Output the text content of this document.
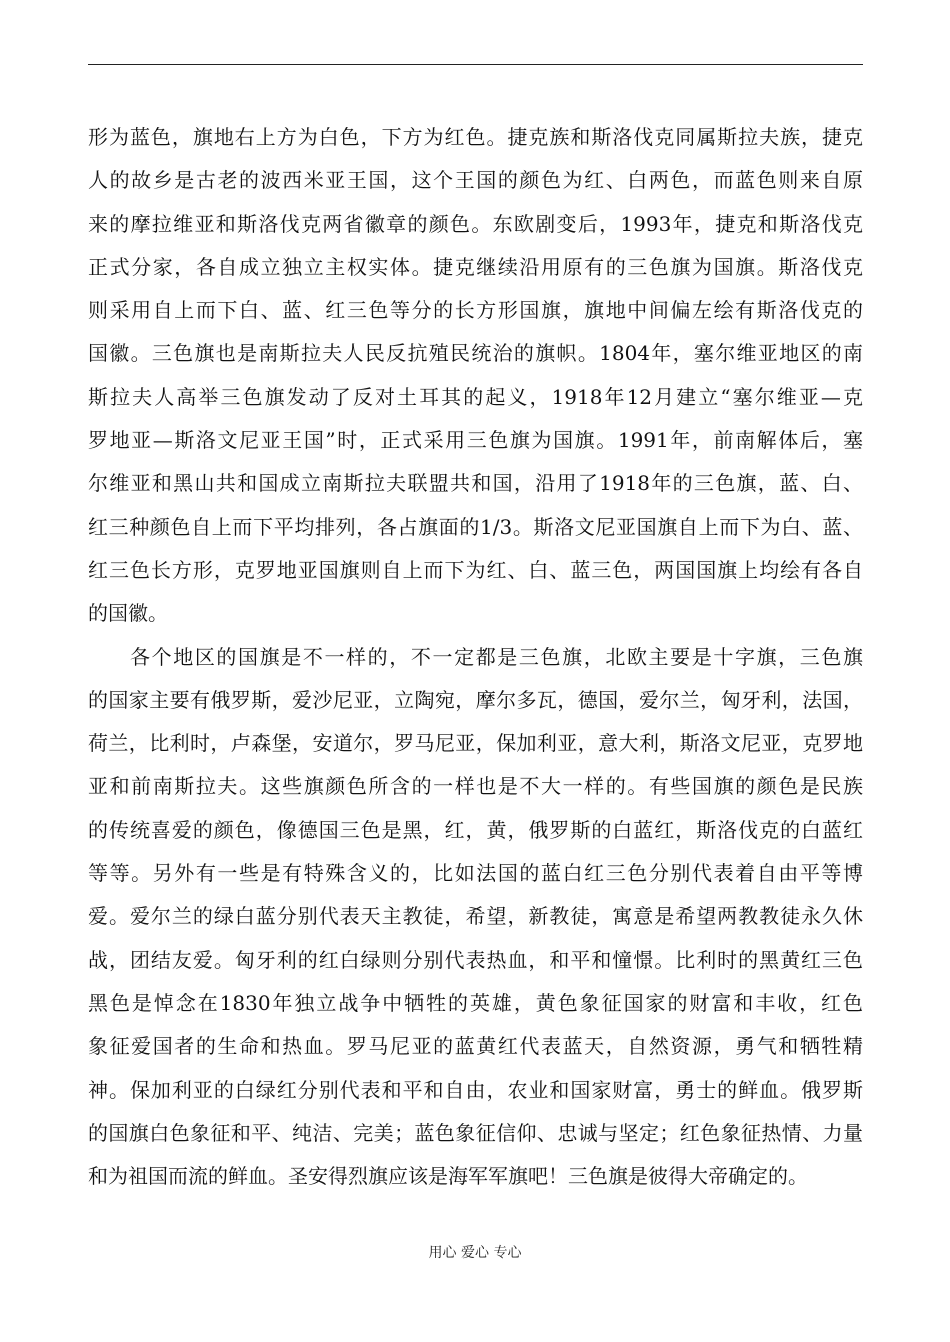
形为蓝色，旗地右上方为白色，下方为红色。捷克族和斯洛伐克同属斯拉夫族，捷克
人的故乡是古老的波西米亚王国，这个王国的颜色为红、白两色，而蓝色则来自原
来的摩拉维亚和斯洛伐克两省徽章的颜色。东欧剧变后，1993年，捷克和斯洛伐克
正式分家，各自成立独立主权实体。捷克继续沿用原有的三色旗为国旗。斯洛伐克
则采用自上而下白、蓝、红三色等分的长方形国旗，旗地中间偏左绘有斯洛伐克的
国徽。三色旗也是南斯拉夫人民反抗殖民统治的旗帜。1804年，塞尔维亚地区的南
斯拉夫人高举三色旗发动了反对土耳其的起义，1918年12月建立“塞尔维亚—克
罗地亚—斯洛文尼亚王国”时，正式采用三色旗为国旗。1991年，前南解体后，塞
尔维亚和黑山共和国成立南斯拉夫联盟共和国，沿用了1918年的三色旗，蓝、白、
红三种颜色自上而下平均排列，各占旗面的1/3。斯洛文尼亚国旗自上而下为白、蓝、
红三色长方形，克罗地亚国旗则自上而下为红、白、蓝三色，两国国旗上均绘有各自
的国徽。
各个地区的国旗是不一样的，不一定都是三色旗，北欧主要是十字旗，三色旗
的国家主要有俄罗斯，爱沙尼亚，立陶宛，摩尔多瓦，德国，爱尔兰，匈牙利，法国，
荷兰，比利时，卢森堡，安道尔，罗马尼亚，保加利亚，意大利，斯洛文尼亚，克罗地
亚和前南斯拉夫。这些旗颜色所含的一样也是不大一样的。有些国旗的颜色是民族
的传统喜爱的颜色，像德国三色是黑，红，黄，俄罗斯的白蓝红，斯洛伐克的白蓝红
等等。另外有一些是有特殊含义的，比如法国的蓝白红三色分别代表着自由平等博
爱。爱尔兰的绿白蓝分别代表天主教徒，希望，新教徒，寓意是希望两教教徒永久休
战，团结友爱。匈牙利的红白绿则分别代表热血，和平和憧憬。比利时的黑黄红三色
黑色是悼念在1830年独立战争中牺牲的英雄，黄色象征国家的财富和丰收，红色
象征爱国者的生命和热血。罗马尼亚的蓝黄红代表蓝天，自然资源，勇气和牺牲精
神。保加利亚的白绿红分别代表和平和自由，农业和国家财富，勇士的鲜血。俄罗斯
的国旗白色象征和平、纯洁、完美；蓝色象征信仰、忠诚与坚定；红色象征热情、力量
和为祖国而流的鲜血。圣安得烈旗应该是海军军旗吧！三色旗是彼得大帝确定的。
用心 爱心 专心
